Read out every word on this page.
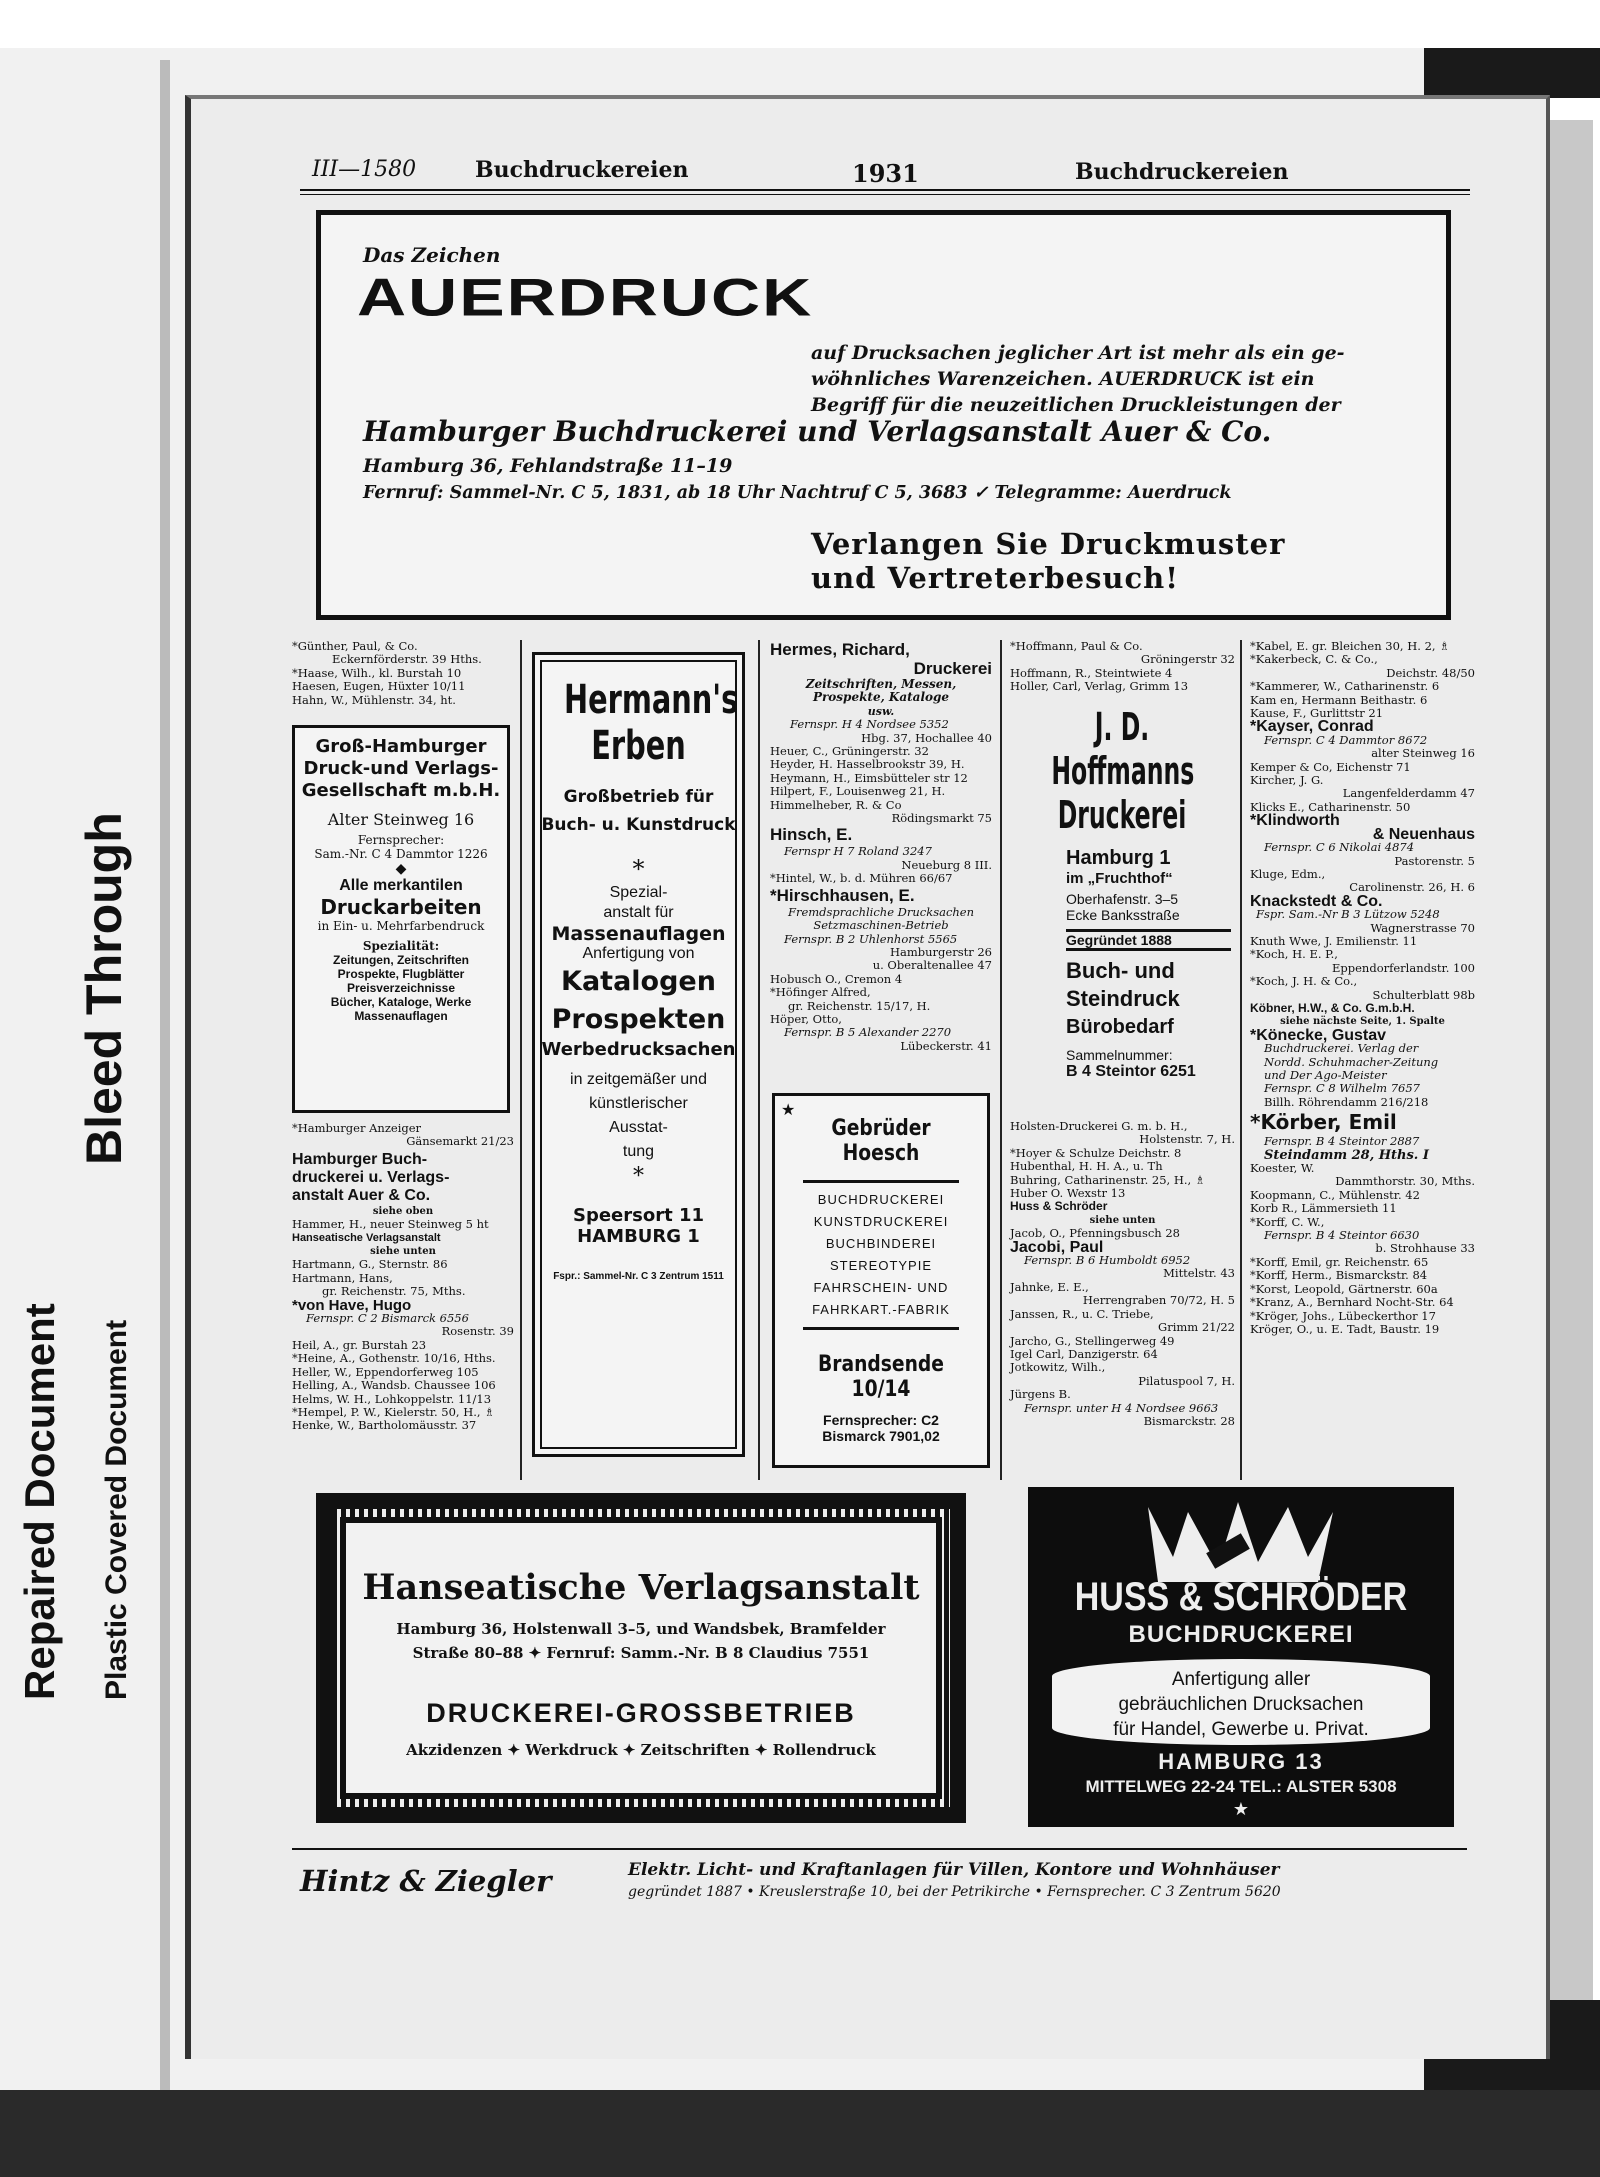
Bleed Through
Repaired Document Plastic Covered Document
III—1580	Buchdruckereien	1931	Buchdruckereien
Das Zeichen
AUERDRUCK
auf Drucksachen jeglicher Art ist mehr als ein ge-
wöhnliches Warenzeichen. AUERDRUCK ist ein
Begriff für die neuzeitlichen Druckleistungen der
Hamburger Buchdruckerei und Verlagsanstalt Auer & Co.
Hamburg 36, Fehlandstraße 11–19
Fernruf: Sammel-Nr. C 5, 1831, ab 18 Uhr Nachtruf C 5, 3683 ✓ Telegramme: Auerdruck
Verlangen Sie Druckmuster
und Vertreterbesuch!
*Günther, Paul, & Co.
Eckernförderstr. 39 Hths.
*Haase, Wilh., kl. Burstah 10
Haesen, Eugen, Hüxter 10/11
Hahn, W., Mühlenstr. 34, ht.
Groß-Hamburger
Druck-und Verlags-
Gesellschaft m.b.H.
Alter Steinweg 16
Fernsprecher:
Sam.-Nr. C 4 Dammtor 1226
◆
Alle merkantilen
Druckarbeiten
in Ein- u. Mehrfarbendruck
Spezialität:
Zeitungen, Zeitschriften
Prospekte, Flugblätter
Preisverzeichnisse
Bücher, Kataloge, Werke
Massenauflagen
*Hamburger Anzeiger
Gänsemarkt 21/23
Hamburger Buch-
druckerei u. Verlags-
anstalt Auer & Co.
siehe oben
Hammer, H., neuer Steinweg 5 ht
Hanseatische Verlagsanstalt
siehe unten
Hartmann, G., Sternstr. 86
Hartmann, Hans,
gr. Reichenstr. 75, Mths.
*von Have, Hugo
Fernspr. C 2 Bismarck 6556
Rosenstr. 39
Heil, A., gr. Burstah 23
*Heine, A., Gothenstr. 10/16, Hths.
Heller, W., Eppendorferweg 105
Helling, A., Wandsb. Chaussee 106
Helms, W. H., Lohkoppelstr. 11/13
*Hempel, P. W., Kielerstr. 50, H., ♗
Henke, W., Bartholomäusstr. 37
Hermann's
Erben
Großbetrieb für
Buch- u. Kunstdruck
*
Spezial-
anstalt für
Massenauflagen
Anfertigung von
Katalogen
Prospekten
Werbedrucksachen
in zeitgemäßer und
künstlerischer
Ausstat-
tung
*
Speersort 11
HAMBURG 1
Fspr.: Sammel-Nr. C 3 Zentrum 1511
Hermes, Richard,
Druckerei
Zeitschriften, Messen,
Prospekte, Kataloge
usw.
Fernspr. H 4 Nordsee 5352
Hbg. 37, Hochallee 40
Heuer, C., Grüningerstr. 32
Heyder, H. Hasselbrookstr 39, H.
Heymann, H., Eimsbütteler str 12
Hilpert, F., Louisenweg 21, H.
Himmelheber, R. & Co
Rödingsmarkt 75
Hinsch, E.
Fernspr H 7 Roland 3247
Neueburg 8 III.
*Hintel, W., b. d. Mühren 66/67
*Hirschhausen, E.
Fremdsprachliche Drucksachen
Setzmaschinen-Betrieb
Fernspr. B 2 Uhlenhorst 5565
Hamburgerstr 26
u. Oberaltenallee 47
Hobusch O., Cremon 4
*Höfinger Alfred,
gr. Reichenstr. 15/17, H.
Höper, Otto,
Fernspr. B 5 Alexander 2270
Lübeckerstr. 41
★
Gebrüder Hoesch
BUCHDRUCKEREI
KUNSTDRUCKEREI
BUCHBINDEREI
STEREOTYPIE
FAHRSCHEIN- UND
FAHRKART.-FABRIK
Brandsende 10/14
Fernsprecher: C2
Bismarck 7901,02
*Hoffmann, Paul & Co.
Gröningerstr 32
Hoffmann, R., Steintwiete 4
Holler, Carl, Verlag, Grimm 13
J. D. Hoffmanns
Druckerei
Hamburg 1
im „Fruchthof“
Oberhafenstr. 3–5
Ecke Banksstraße
Gegründet 1888
Buch- und
Steindruck
Bürobedarf
Sammelnummer:
B 4 Steintor 6251
Holsten-Druckerei G. m. b. H.,
Holstenstr. 7, H.
*Hoyer & Schulze Deichstr. 8
Hubenthal, H. H. A., u. Th
Buhring, Catharinenstr. 25, H., ♗
Huber O. Wexstr 13
Huss & Schröder
siehe unten
Jacob, O., Pfenningsbusch 28
Jacobi, Paul
Fernspr. B 6 Humboldt 6952
Mittelstr. 43
Jahnke, E. E.,
Herrengraben 70/72, H. 5
Janssen, R., u. C. Triebe,
Grimm 21/22
Jarcho, G., Stellingerweg 49
Igel Carl, Danzigerstr. 64
Jotkowitz, Wilh.,
Pilatuspool 7, H.
Jürgens B.
Fernspr. unter H 4 Nordsee 9663
Bismarckstr. 28
*Kabel, E. gr. Bleichen 30, H. 2, ♗
*Kakerbeck, C. & Co.,
Deichstr. 48/50
*Kammerer, W., Catharinenstr. 6
Kam en, Hermann Beithastr. 6
Kause, F., Gurlittstr 21
*Kayser, Conrad
Fernspr. C 4 Dammtor 8672
alter Steinweg 16
Kemper & Co, Eichenstr 71
Kircher, J. G.
Langenfelderdamm 47
Klicks E., Catharinenstr. 50
*Klindworth
& Neuenhaus
Fernspr. C 6 Nikolai 4874
Pastorenstr. 5
Kluge, Edm.,
Carolinenstr. 26, H. 6
Knackstedt & Co.
Fspr. Sam.-Nr B 3 Lützow 5248
Wagnerstrasse 70
Knuth Wwe, J. Emilienstr. 11
*Koch, H. E. P.,
Eppendorferlandstr. 100
*Koch, J. H. & Co.,
Schulterblatt 98b
Köbner, H.W., & Co. G.m.b.H.
siehe nächste Seite, 1. Spalte
*Könecke, Gustav
Buchdruckerei. Verlag der
Nordd. Schuhmacher-Zeitung
und Der Ago-Meister
Fernspr. C 8 Wilhelm 7657
Billh. Röhrendamm 216/218
*Körber, Emil
Fernspr. B 4 Steintor 2887
Steindamm 28, Hths. I
Koester, W.
Dammthorstr. 30, Mths.
Koopmann, C., Mühlenstr. 42
Korb R., Lämmersieth 11
*Korff, C. W.,
Fernspr. B 4 Steintor 6630
b. Strohhause 33
*Korff, Emil, gr. Reichenstr. 65
*Korff, Herm., Bismarckstr. 84
*Korst, Leopold, Gärtnerstr. 60a
*Kranz, A., Bernhard Nocht-Str. 64
*Kröger, Johs., Lübeckerthor 17
Kröger, O., u. E. Tadt, Baustr. 19
Hanseatische Verlagsanstalt
Hamburg 36, Holstenwall 3–5, und Wandsbek, Bramfelder
Straße 80–88 ✦ Fernruf: Samm.-Nr. B 8 Claudius 7551
DRUCKEREI-GROSSBETRIEB
Akzidenzen ✦ Werkdruck ✦ Zeitschriften ✦ Rollendruck
HUSS & SCHRÖDER
BUCHDRUCKEREI
Anfertigung aller
gebräuchlichen Drucksachen
für Handel, Gewerbe u. Privat.
HAMBURG 13
MITTELWEG 22-24 TEL.: ALSTER 5308
★
Hintz & Ziegler	Elektr. Licht- und Kraftanlagen für Villen, Kontore und Wohnhäuser
gegründet 1887 • Kreuslerstraße 10, bei der Petrikirche • Fernsprecher. C 3 Zentrum 5620
